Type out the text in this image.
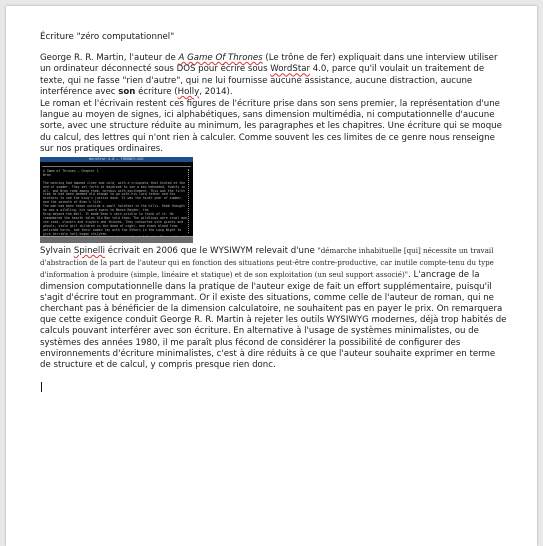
Écriture "zéro computationnel"

George R. R. Martin, l'auteur de A Game Of Thrones (Le trône de fer) expliquait dans une interview utiliser un ordinateur déconnecté sous DOS pour écrire sous WordStar 4.0, parce qu'il voulait un traitement de texte, qui ne fasse "rien d'autre", qui ne lui fournisse aucune assistance, aucune distraction, aucune interférence avec son écriture (Holly, 2014).

Le roman et l'écrivain restent ces figures de l'écriture prise dans son sens premier, la représentation d'une langue au moyen de signes, ici alphabétiques, sans dimension multimédia, ni computationnelle d'aucune sorte, avec une structure réduite au minimum, les paragraphes et les chapitres. Une écriture qui se moque du calcul, des lettres qui n'ont rien à calculer. Comme souvent les ces limites de ce genre nous renseigne sur nos pratiques ordinaires.

WordStar 4.0 — THRONES.DOC
A Game of Thrones — Chapter 1
Bran

The morning had dawned clear and cold, with a crispness that hinted at the
end of summer. They set forth at daybreak to see a man beheaded, twenty in
all, and Bran rode among them, nervous with excitement. This was the first
time he had been deemed old enough to go with his lord father and his
brothers to see the king's justice done. It was the ninth year of summer,
and the seventh of Bran's life.
The man had been taken outside a small holdfast in the hills. Robb thought
he was a wildling, his sword sworn to Mance Rayder, the
King-beyond-the-Wall. It made Bran's skin prickle to think of it. He
remembered the hearth tales Old Nan told them. The wildlings were cruel men,
she said, slavers and slayers and thieves. They consorted with giants and
ghouls, stole girl children in the dead of night, and drank blood from
polished horns. And their women lay with the Others in the Long Night to
sire terrible half-human children.

Sylvain Spinelli écrivait en 2006 que le WYSIWYM relevait d'une "démarche inhabituelle [qui] nécessite un travail d'abstraction de la part de l'auteur qui en fonction des situations peut-être contre-productive, car inutile compte-tenu du type d'information à produire (simple, linéaire et statique) et de son exploitation (un seul support associé)". L'ancrage de la dimension computationnelle dans la pratique de l'auteur exige de fait un effort supplémentaire, puisqu'il s'agit d'écrire tout en programmant. Or il existe des situations, comme celle de l'auteur de roman, qui ne cherchant pas à bénéficier de la dimension calculatoire, ne souhaitent pas en payer le prix. On remarquera que cette exigence conduit George R. R. Martin à rejeter les outils WYSIWYG modernes, déjà trop habités de calculs pouvant interférer avec son écriture. En alternative à l'usage de systèmes minimalistes, ou de systèmes des années 1980, il me paraît plus fécond de considérer la possibilité de configurer des environnements d'écriture minimalistes, c'est à dire réduits à ce que l'auteur souhaite exprimer en terme de structure et de calcul, y compris presque rien donc.
